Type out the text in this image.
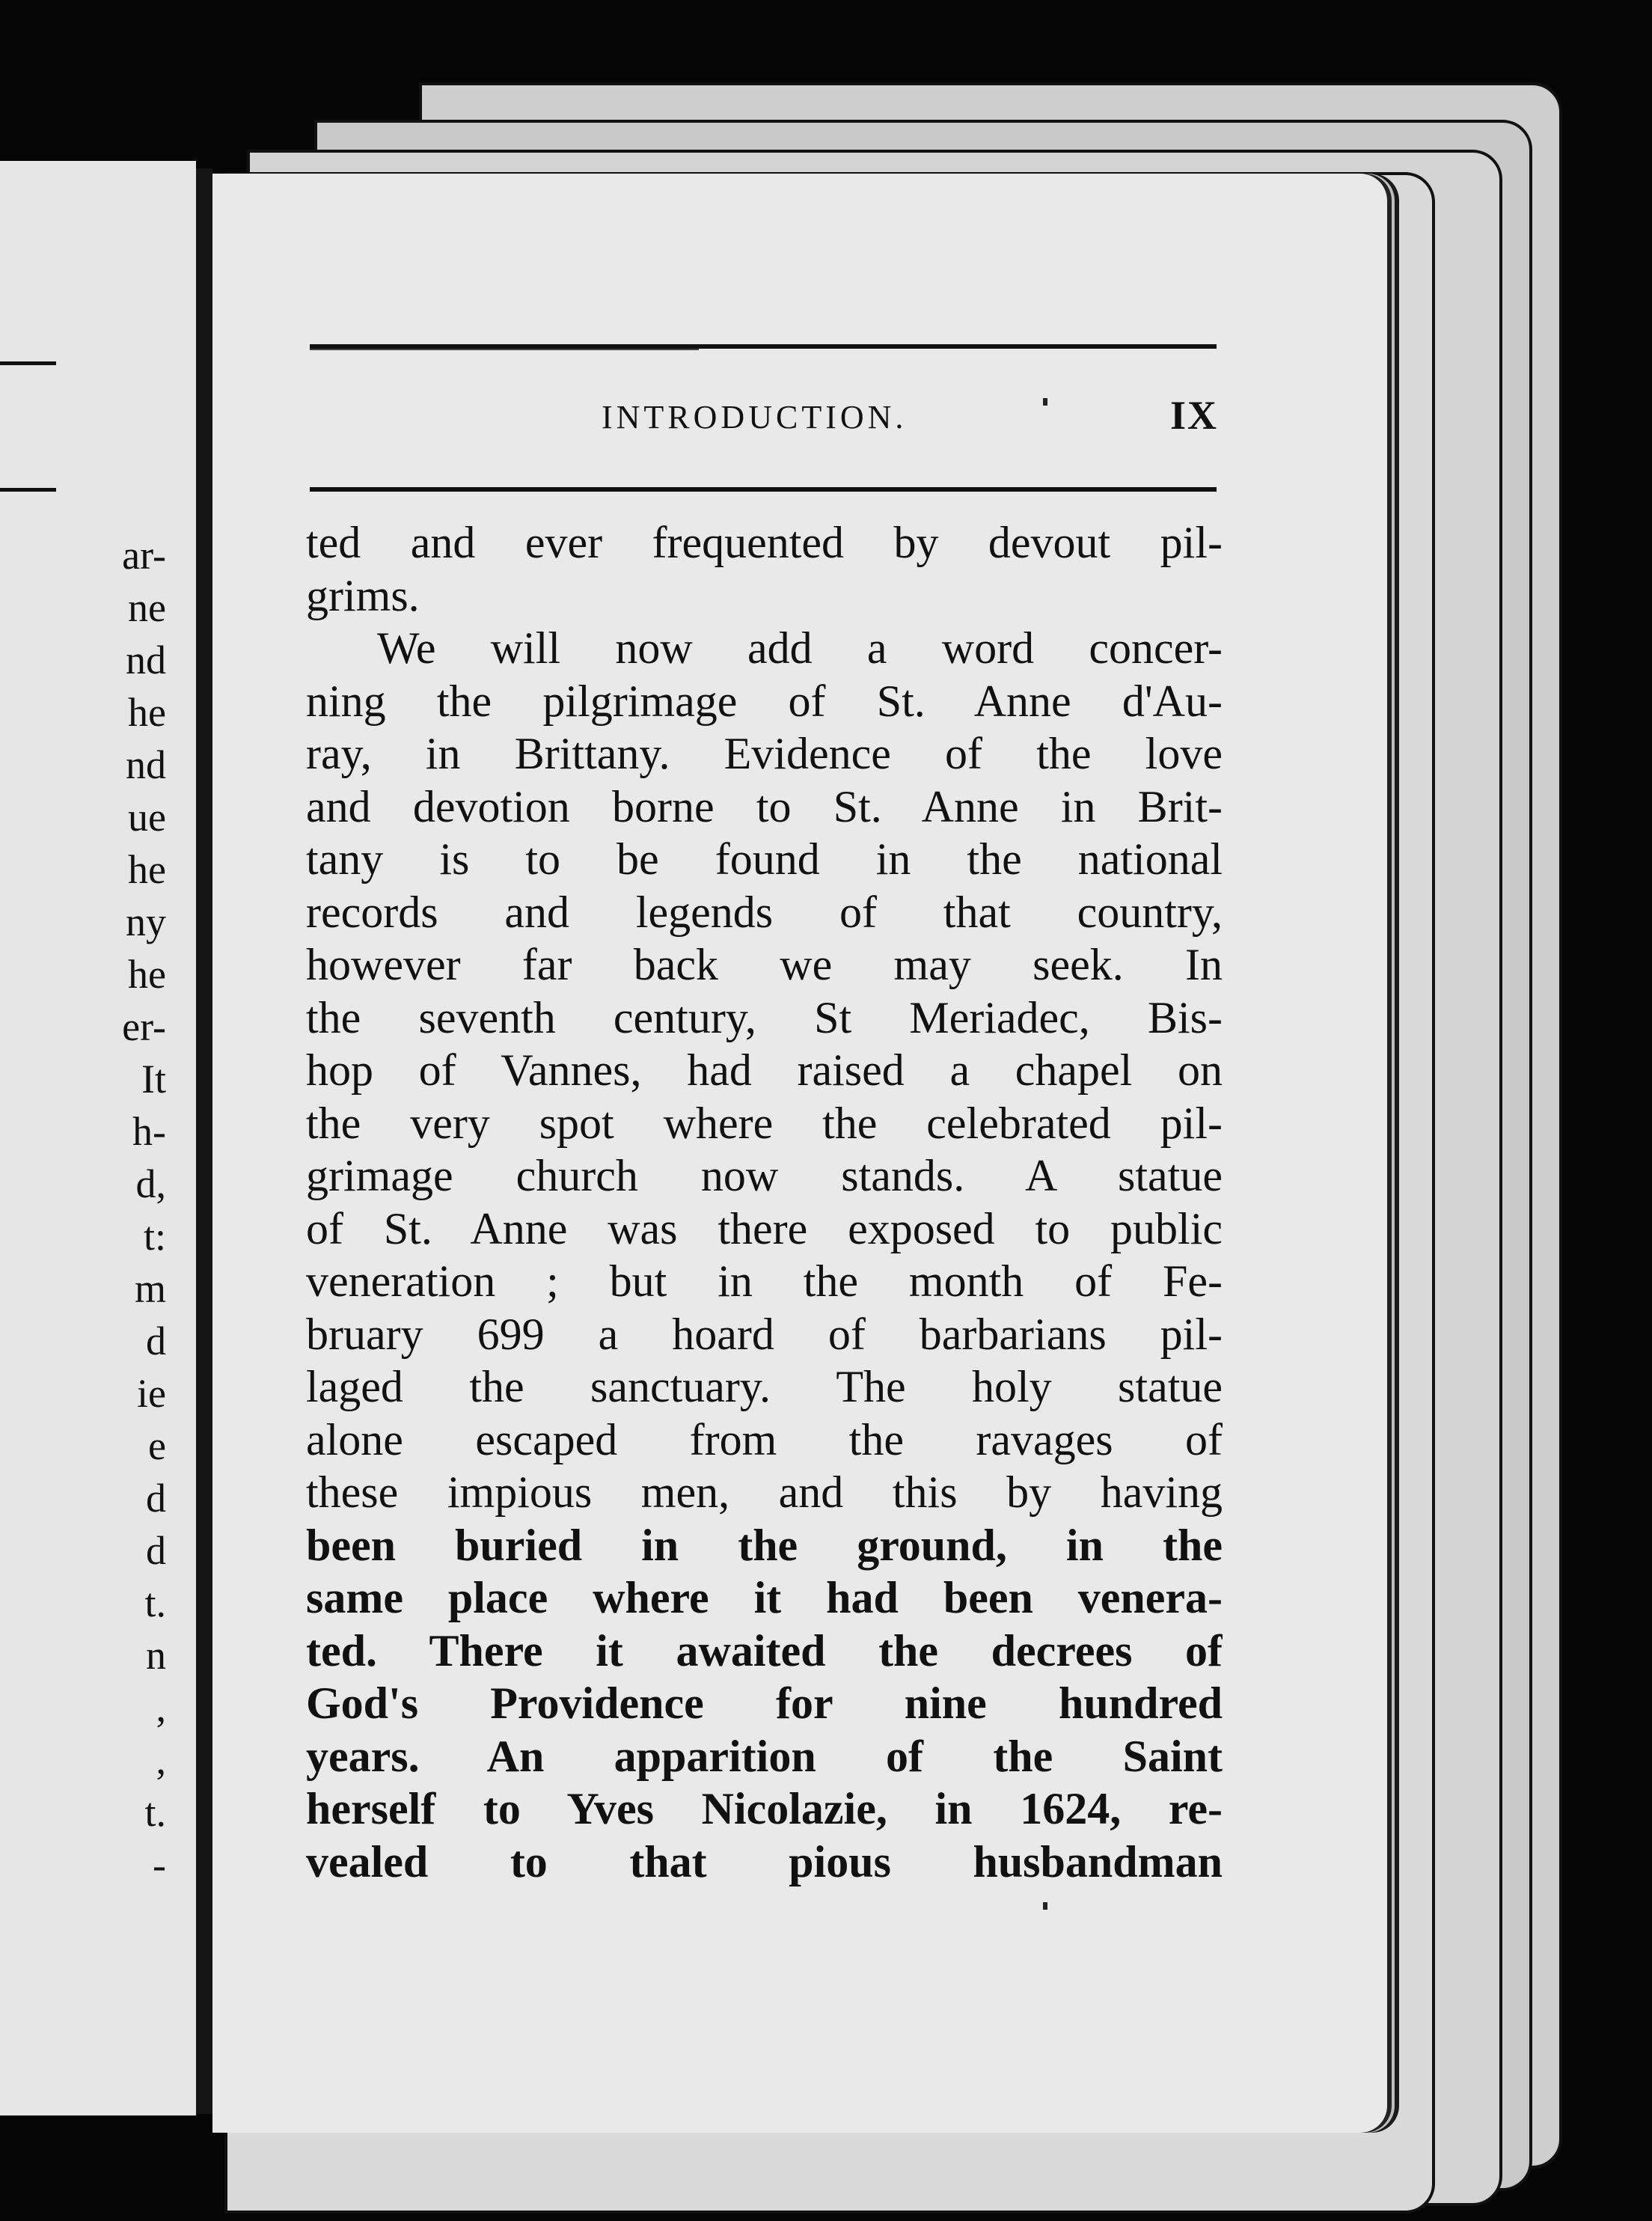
ar-
ne
nd
he
nd
ue
he
ny
he
er-
It
h-
d,
t:
m
d
ie
e
d
d
t.
n
,
,
t.
-
INTRODUCTION.	IX
ted and ever frequented by devout pil-
grims.
We will now add a word concer-
ning the pilgrimage of St. Anne d'Au-
ray, in Brittany. Evidence of the love
and devotion borne to St. Anne in Brit-
tany is to be found in the national
records and legends of that country,
however far back we may seek. In
the seventh century, St Meriadec, Bis-
hop of Vannes, had raised a chapel on
the very spot where the celebrated pil-
grimage church now stands. A statue
of St. Anne was there exposed to public
veneration ; but in the month of Fe-
bruary 699 a hoard of barbarians pil-
laged the sanctuary. The holy statue
alone escaped from the ravages of
these impious men, and this by having
been buried in the ground, in the
same place where it had been venera-
ted. There it awaited the decrees of
God's Providence for nine hundred
years. An apparition of the Saint
herself to Yves Nicolazie, in 1624, re-
vealed to that pious husbandman
